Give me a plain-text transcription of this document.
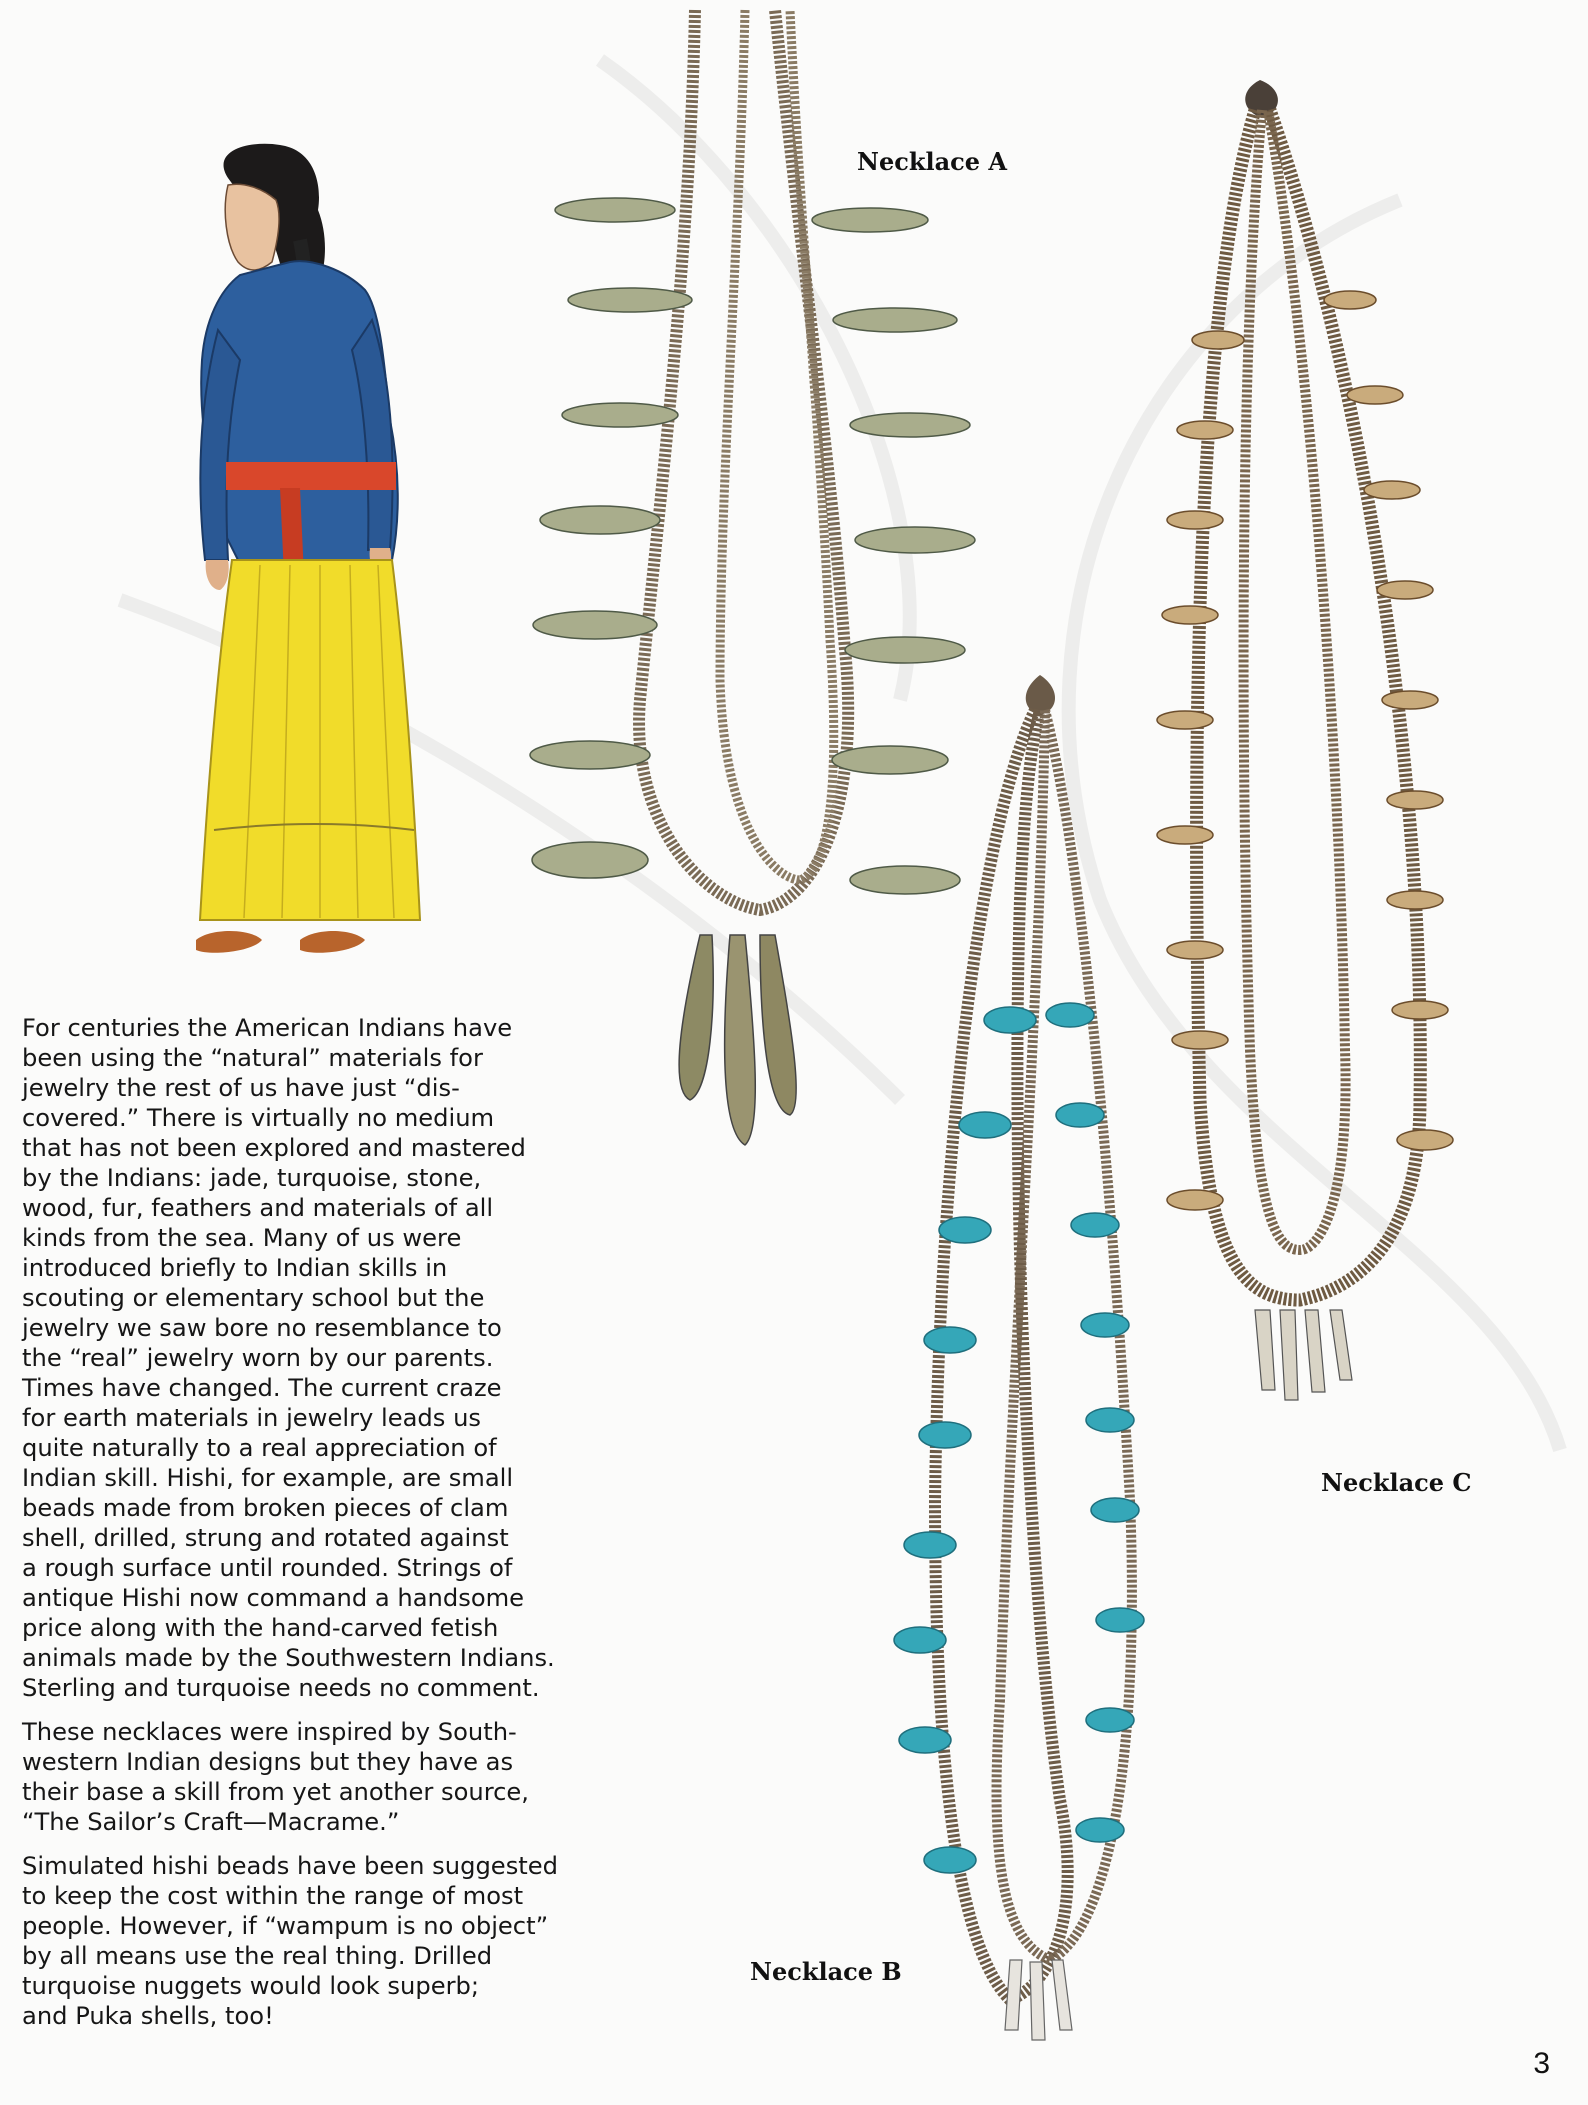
Necklace A
Necklace C
Necklace B

For centuries the American Indians have
been using the “natural” materials for
jewelry the rest of us have just “dis-
covered.” There is virtually no medium
that has not been explored and mastered
by the Indians: jade, turquoise, stone,
wood, fur, feathers and materials of all
kinds from the sea. Many of us were
introduced briefly to Indian skills in
scouting or elementary school but the
jewelry we saw bore no resemblance to
the “real” jewelry worn by our parents.
Times have changed. The current craze
for earth materials in jewelry leads us
quite naturally to a real appreciation of
Indian skill. Hishi, for example, are small
beads made from broken pieces of clam
shell, drilled, strung and rotated against
a rough surface until rounded. Strings of
antique Hishi now command a handsome
price along with the hand-carved fetish
animals made by the Southwestern Indians.
Sterling and turquoise needs no comment.

These necklaces were inspired by South-
western Indian designs but they have as
their base a skill from yet another source,
“The Sailor’s Craft—Macrame.”

Simulated hishi beads have been suggested
to keep the cost within the range of most
people. However, if “wampum is no object”
by all means use the real thing. Drilled
turquoise nuggets would look superb;
and Puka shells, too!

3
